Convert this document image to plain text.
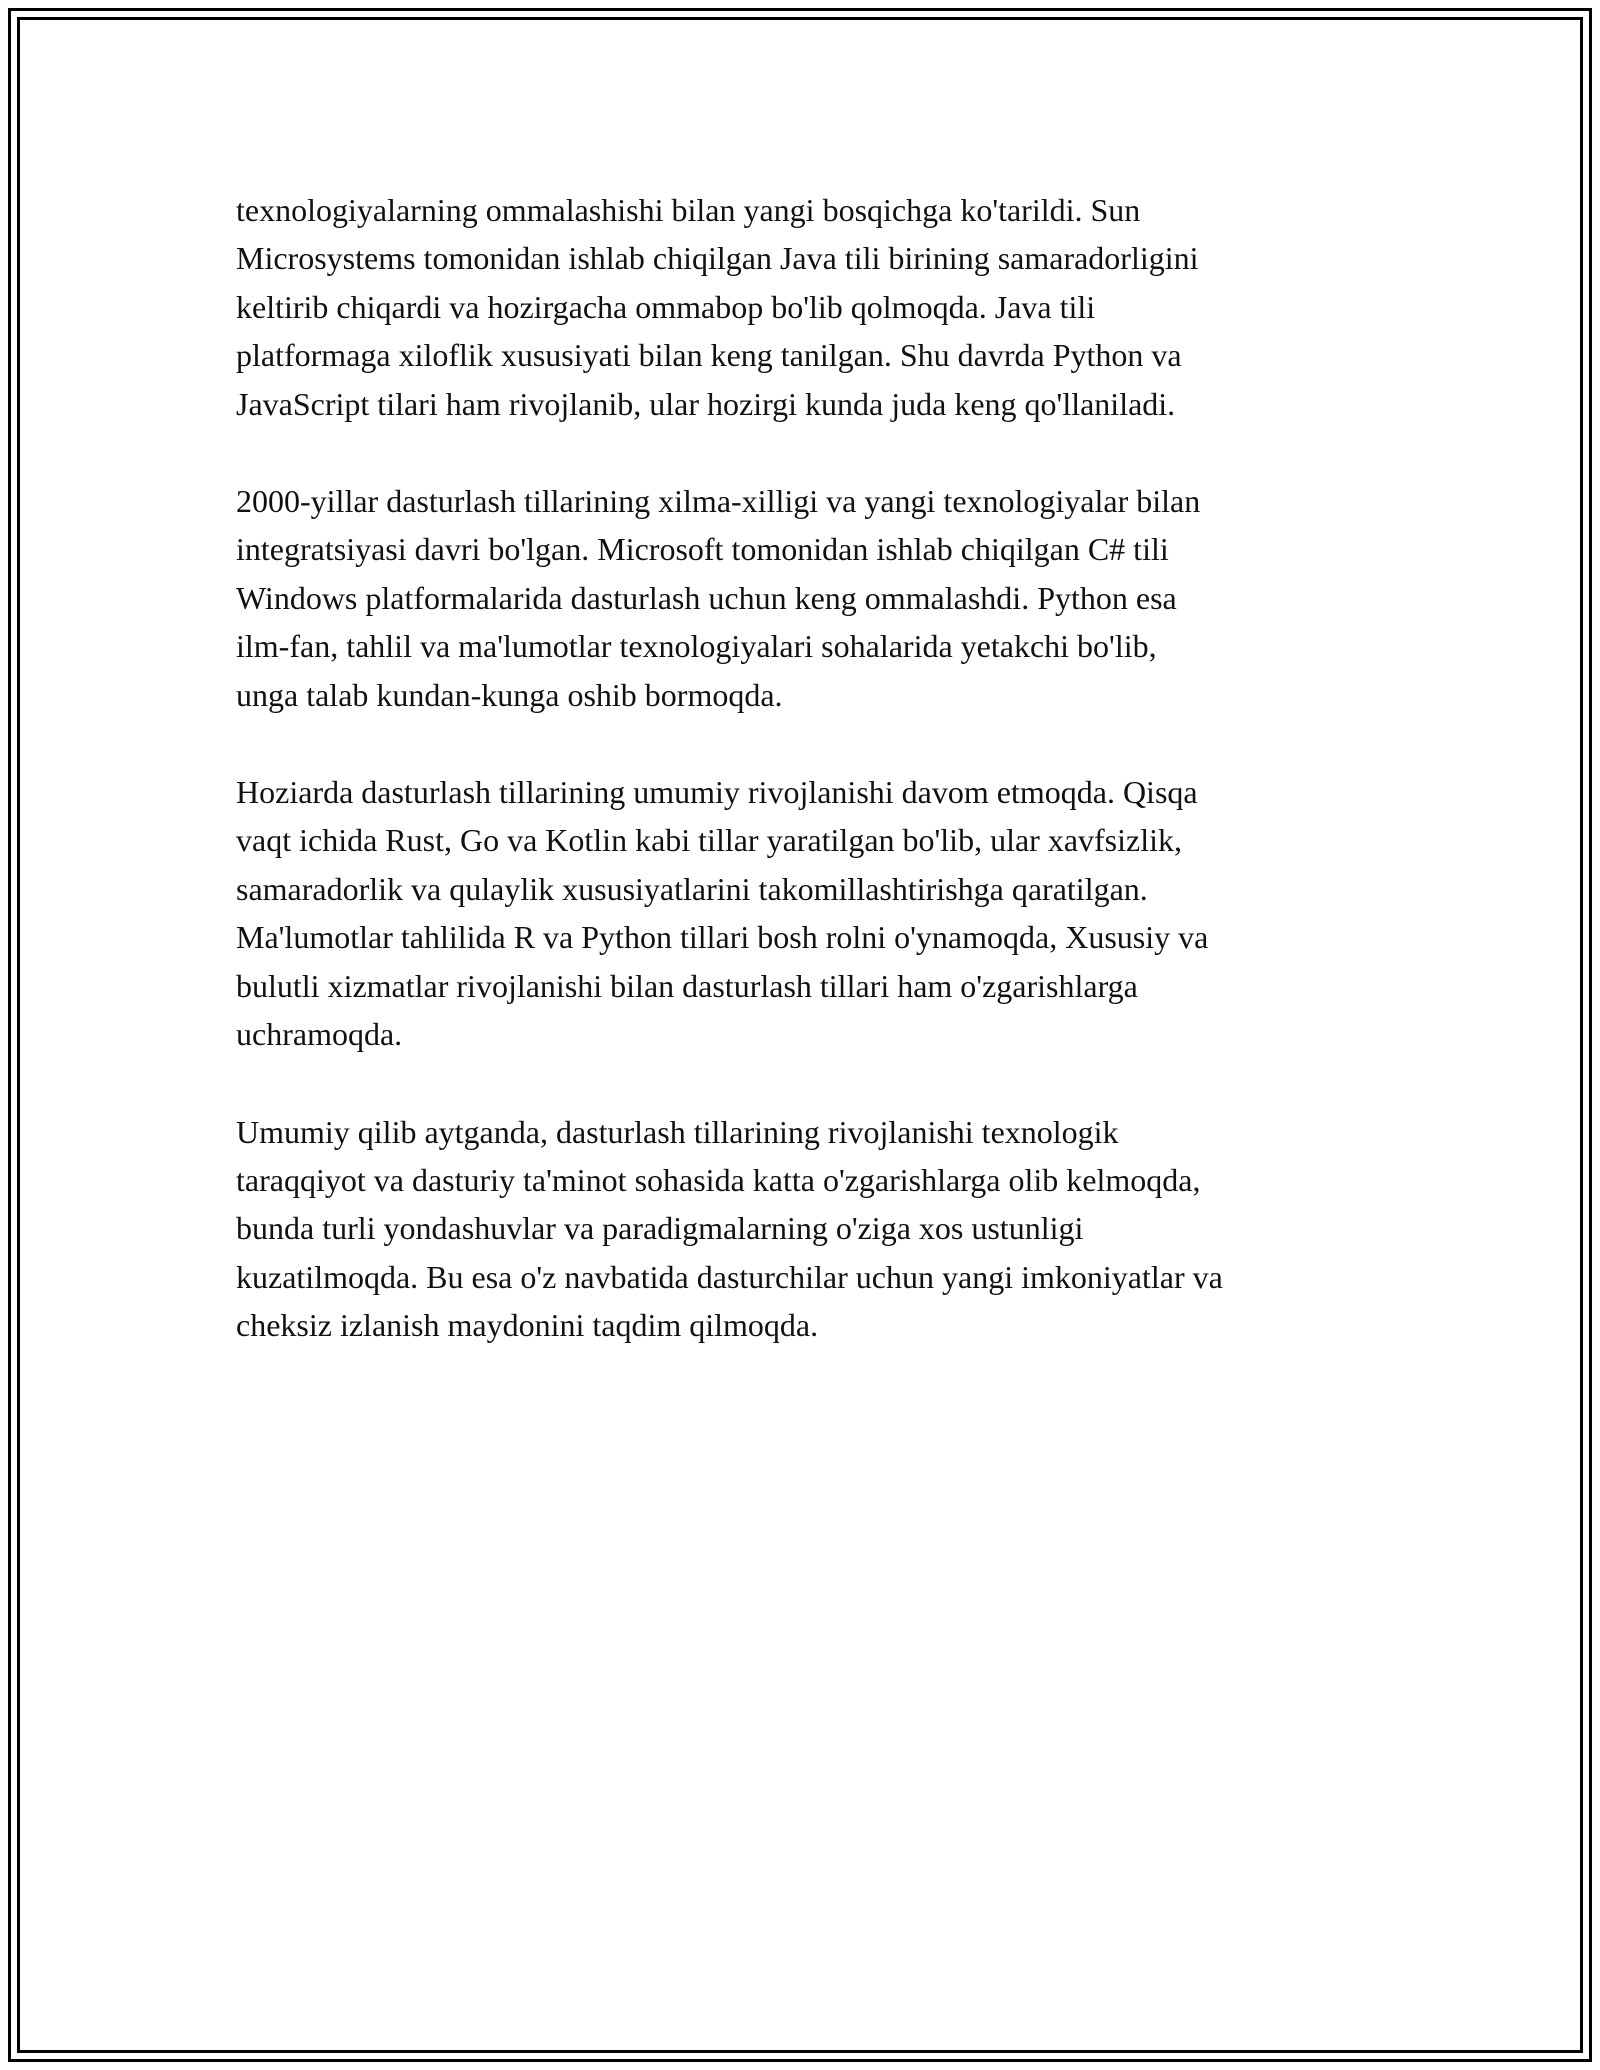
texnologiyalarning ommalashishi bilan yangi bosqichga ko'tarildi. Sun
Microsystems tomonidan ishlab chiqilgan Java tili birining samaradorligini
keltirib chiqardi va hozirgacha ommabop bo'lib qolmoqda. Java tili
platformaga xiloflik xususiyati bilan keng tanilgan. Shu davrda Python va
JavaScript tilari ham rivojlanib, ular hozirgi kunda juda keng qo'llaniladi.

2000-yillar dasturlash tillarining xilma-xilligi va yangi texnologiyalar bilan
integratsiyasi davri bo'lgan. Microsoft tomonidan ishlab chiqilgan C# tili
Windows platformalarida dasturlash uchun keng ommalashdi. Python esa
ilm-fan, tahlil va ma'lumotlar texnologiyalari sohalarida yetakchi bo'lib,
unga talab kundan-kunga oshib bormoqda.

Hoziarda dasturlash tillarining umumiy rivojlanishi davom etmoqda. Qisqa
vaqt ichida Rust, Go va Kotlin kabi tillar yaratilgan bo'lib, ular xavfsizlik,
samaradorlik va qulaylik xususiyatlarini takomillashtirishga qaratilgan.
Ma'lumotlar tahlilida R va Python tillari bosh rolni o'ynamoqda, Xususiy va
bulutli xizmatlar rivojlanishi bilan dasturlash tillari ham o'zgarishlarga
uchramoqda.

Umumiy qilib aytganda, dasturlash tillarining rivojlanishi texnologik
taraqqiyot va dasturiy ta'minot sohasida katta o'zgarishlarga olib kelmoqda,
bunda turli yondashuvlar va paradigmalarning o'ziga xos ustunligi
kuzatilmoqda. Bu esa o'z navbatida dasturchilar uchun yangi imkoniyatlar va
cheksiz izlanish maydonini taqdim qilmoqda.
